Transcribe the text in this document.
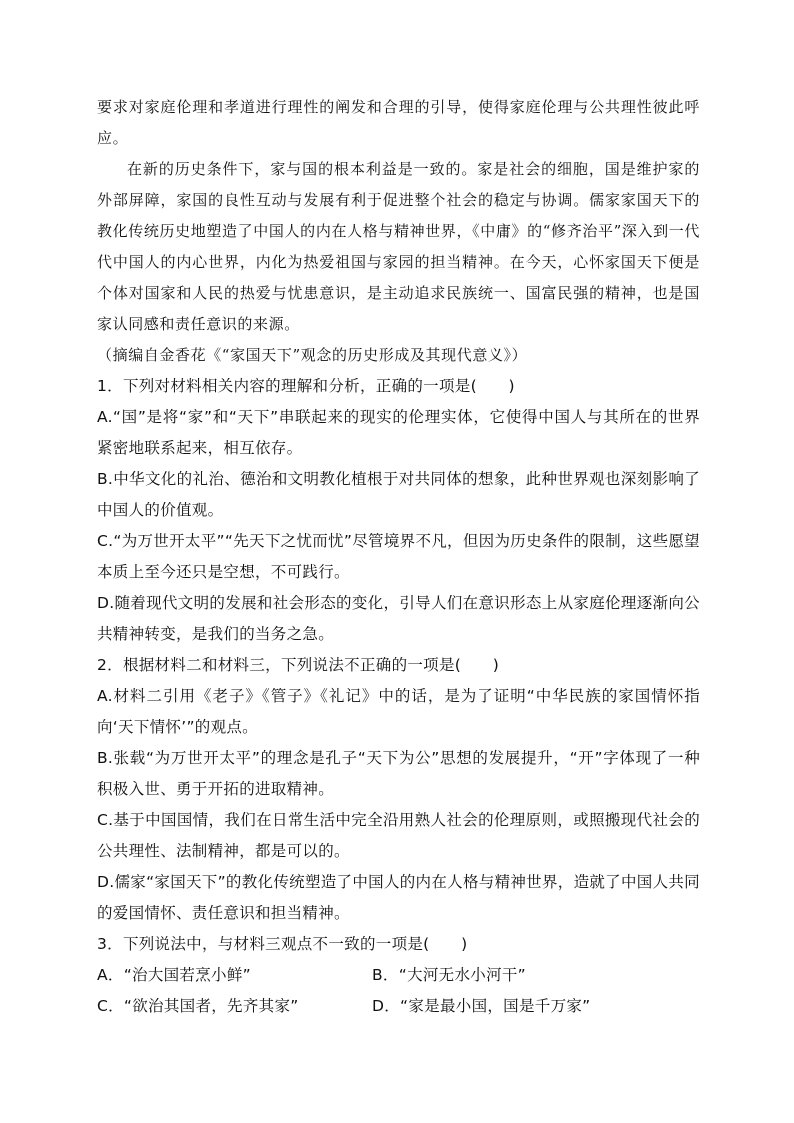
要求对家庭伦理和孝道进行理性的阐发和合理的引导，使得家庭伦理与公共理性彼此呼应。

在新的历史条件下，家与国的根本利益是一致的。家是社会的细胞，国是维护家的外部屏障，家国的良性互动与发展有利于促进整个社会的稳定与协调。儒家家国天下的教化传统历史地塑造了中国人的内在人格与精神世界，《中庸》的“修齐治平”深入到一代代中国人的内心世界，内化为热爱祖国与家园的担当精神。在今天，心怀家国天下便是个体对国家和人民的热爱与忧患意识，是主动追求民族统一、国富民强的精神，也是国家认同感和责任意识的来源。

（摘编自金香花《“家国天下”观念的历史形成及其现代意义》）

1．下列对材料相关内容的理解和分析，正确的一项是(　　)

A.“国”是将“家”和“天下”串联起来的现实的伦理实体，它使得中国人与其所在的世界紧密地联系起来，相互依存。

B.中华文化的礼治、德治和文明教化植根于对共同体的想象，此种世界观也深刻影响了中国人的价值观。

C.“为万世开太平”“先天下之忧而忧”尽管境界不凡，但因为历史条件的限制，这些愿望本质上至今还只是空想，不可践行。

D.随着现代文明的发展和社会形态的变化，引导人们在意识形态上从家庭伦理逐渐向公共精神转变，是我们的当务之急。

2．根据材料二和材料三，下列说法不正确的一项是(　　)

A.材料二引用《老子》《管子》《礼记》中的话，是为了证明“中华民族的家国情怀指向‘天下情怀’”的观点。

B.张载“为万世开太平”的理念是孔子“天下为公”思想的发展提升，“开”字体现了一种积极入世、勇于开拓的进取精神。

C.基于中国国情，我们在日常生活中完全沿用熟人社会的伦理原则，或照搬现代社会的公共理性、法制精神，都是可以的。

D.儒家“家国天下”的教化传统塑造了中国人的内在人格与精神世界，造就了中国人共同的爱国情怀、责任意识和担当精神。

3．下列说法中，与材料三观点不一致的一项是(　　)

A．“治大国若烹小鲜”	B．“大河无水小河干”

C．“欲治其国者，先齐其家”	D．“家是最小国，国是千万家”
